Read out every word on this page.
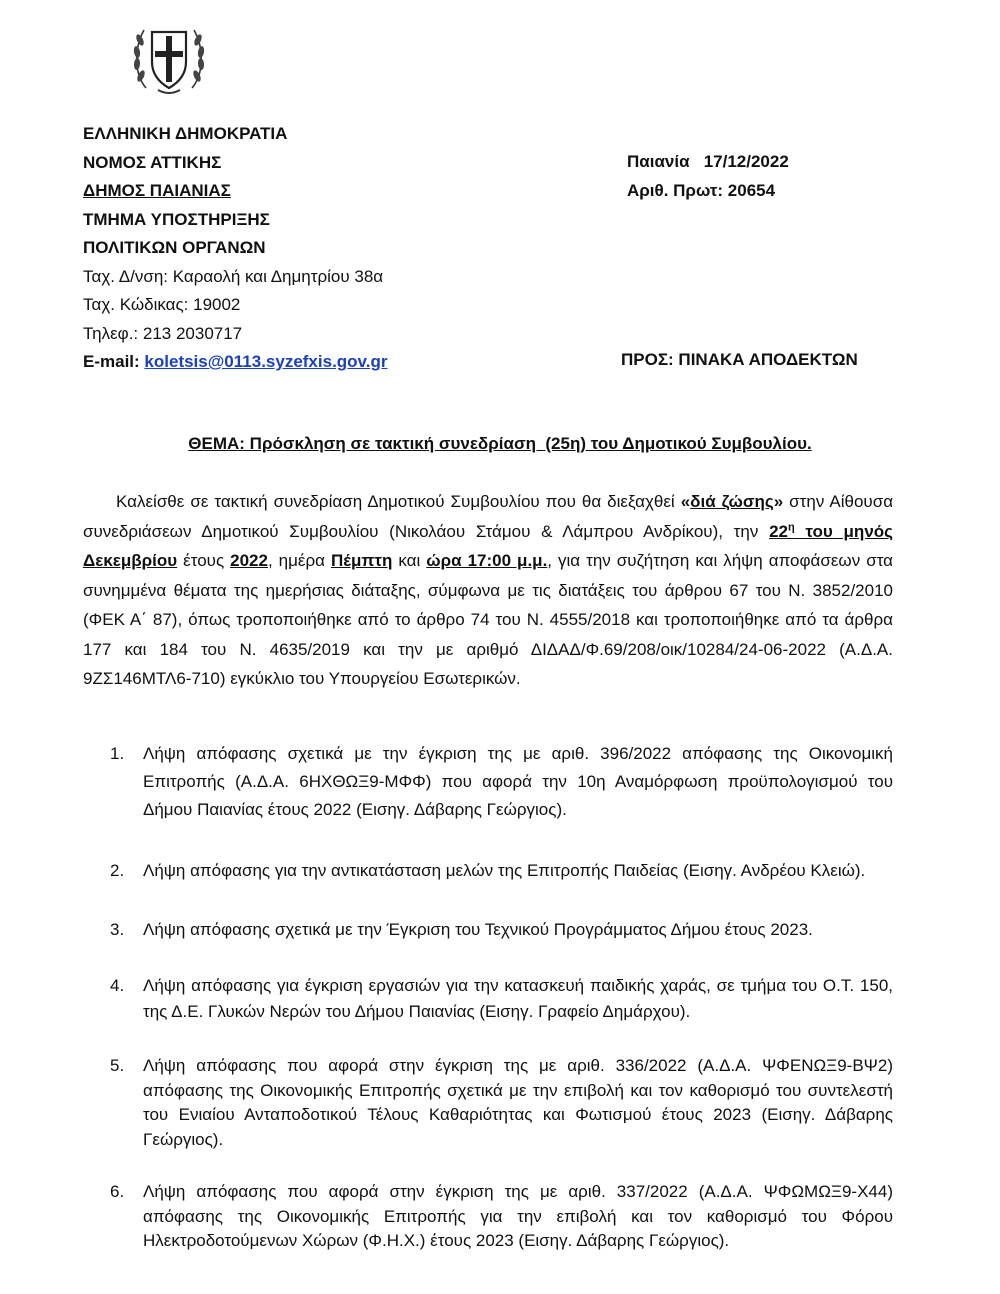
ΕΛΛΗΝΙΚΗ ΔΗΜΟΚΡΑΤΙΑ
ΝΟΜΟΣ ΑΤΤΙΚΗΣ
ΔΗΜΟΣ ΠΑΙΑΝΙΑΣ
ΤΜΗΜΑ ΥΠΟΣΤΗΡΙΞΗΣ
ΠΟΛΙΤΙΚΩΝ ΟΡΓΑΝΩΝ
Ταχ. Δ/νση: Καραολή και Δημητρίου 38α
Ταχ. Κώδικας: 19002
Τηλεφ.: 213 2030717
E-mail: koletsis@0113.syzefxis.gov.gr
Παιανία   17/12/2022
Αριθ. Πρωτ: 20654
ΠΡΟΣ: ΠΙΝΑΚΑ ΑΠΟΔΕΚΤΩΝ
ΘΕΜΑ: Πρόσκληση σε τακτική συνεδρίαση  (25η) του Δημοτικού Συμβουλίου.
Καλείσθε σε τακτική συνεδρίαση Δημοτικού Συμβουλίου που θα διεξαχθεί «διά ζώσης» στην Αίθουσα συνεδριάσεων Δημοτικού Συμβουλίου (Νικολάου Στάμου & Λάμπρου Ανδρίκου), την $22^\eta$ του μηνός Δεκεμβρίου έτους 2022, ημέρα Πέμπτη και ώρα 17:00 μ.μ., για την συζήτηση και λήψη αποφάσεων στα συνημμένα θέματα της ημερήσιας διάταξης, σύμφωνα με τις διατάξεις του άρθρου 67 του Ν. 3852/2010 (ΦΕΚ Α΄ 87), όπως τροποποιήθηκε από το άρθρο 74 του Ν. 4555/2018 και τροποποιήθηκε από τα άρθρα 177 και 184 του Ν. 4635/2019 και την με αριθμό ΔΙΔΑΔ/Φ.69/208/οικ/10284/24-06-2022 (Α.Δ.Α. 9ΖΣ146ΜΤΛ6-710) εγκύκλιο του Υπουργείου Εσωτερικών.
1. Λήψη απόφασης σχετικά με την έγκριση της με αριθ. 396/2022 απόφασης της Οικονομική Επιτροπής (Α.Δ.Α. 6ΗΧΘΩΞ9-ΜΦΦ) που αφορά την 10η Αναμόρφωση προϋπολογισμού του Δήμου Παιανίας έτους 2022 (Εισηγ. Δάβαρης Γεώργιος).
2. Λήψη απόφασης για την αντικατάσταση μελών της Επιτροπής Παιδείας (Εισηγ. Ανδρέου Κλειώ).
3. Λήψη απόφασης σχετικά με την Έγκριση του Τεχνικού Προγράμματος Δήμου έτους 2023.
4. Λήψη απόφασης για έγκριση εργασιών για την κατασκευή παιδικής χαράς, σε τμήμα του Ο.Τ. 150, της Δ.Ε. Γλυκών Νερών του Δήμου Παιανίας (Εισηγ. Γραφείο Δημάρχου).
5. Λήψη απόφασης που αφορά στην έγκριση της με αριθ. 336/2022 (Α.Δ.Α. ΨΦΕΝΩΞ9-ΒΨ2) απόφασης της Οικονομικής Επιτροπής σχετικά με την επιβολή και τον καθορισμό του συντελεστή του Ενιαίου Ανταποδοτικού Τέλους Καθαριότητας και Φωτισμού έτους 2023 (Εισηγ. Δάβαρης Γεώργιος).
6. Λήψη απόφασης που αφορά στην έγκριση της με αριθ. 337/2022 (Α.Δ.Α. ΨΦΩΜΩΞ9-Χ44) απόφασης της Οικονομικής Επιτροπής για την επιβολή και τον καθορισμό του Φόρου Ηλεκτροδοτούμενων Χώρων (Φ.Η.Χ.) έτους 2023 (Εισηγ. Δάβαρης Γεώργιος).
